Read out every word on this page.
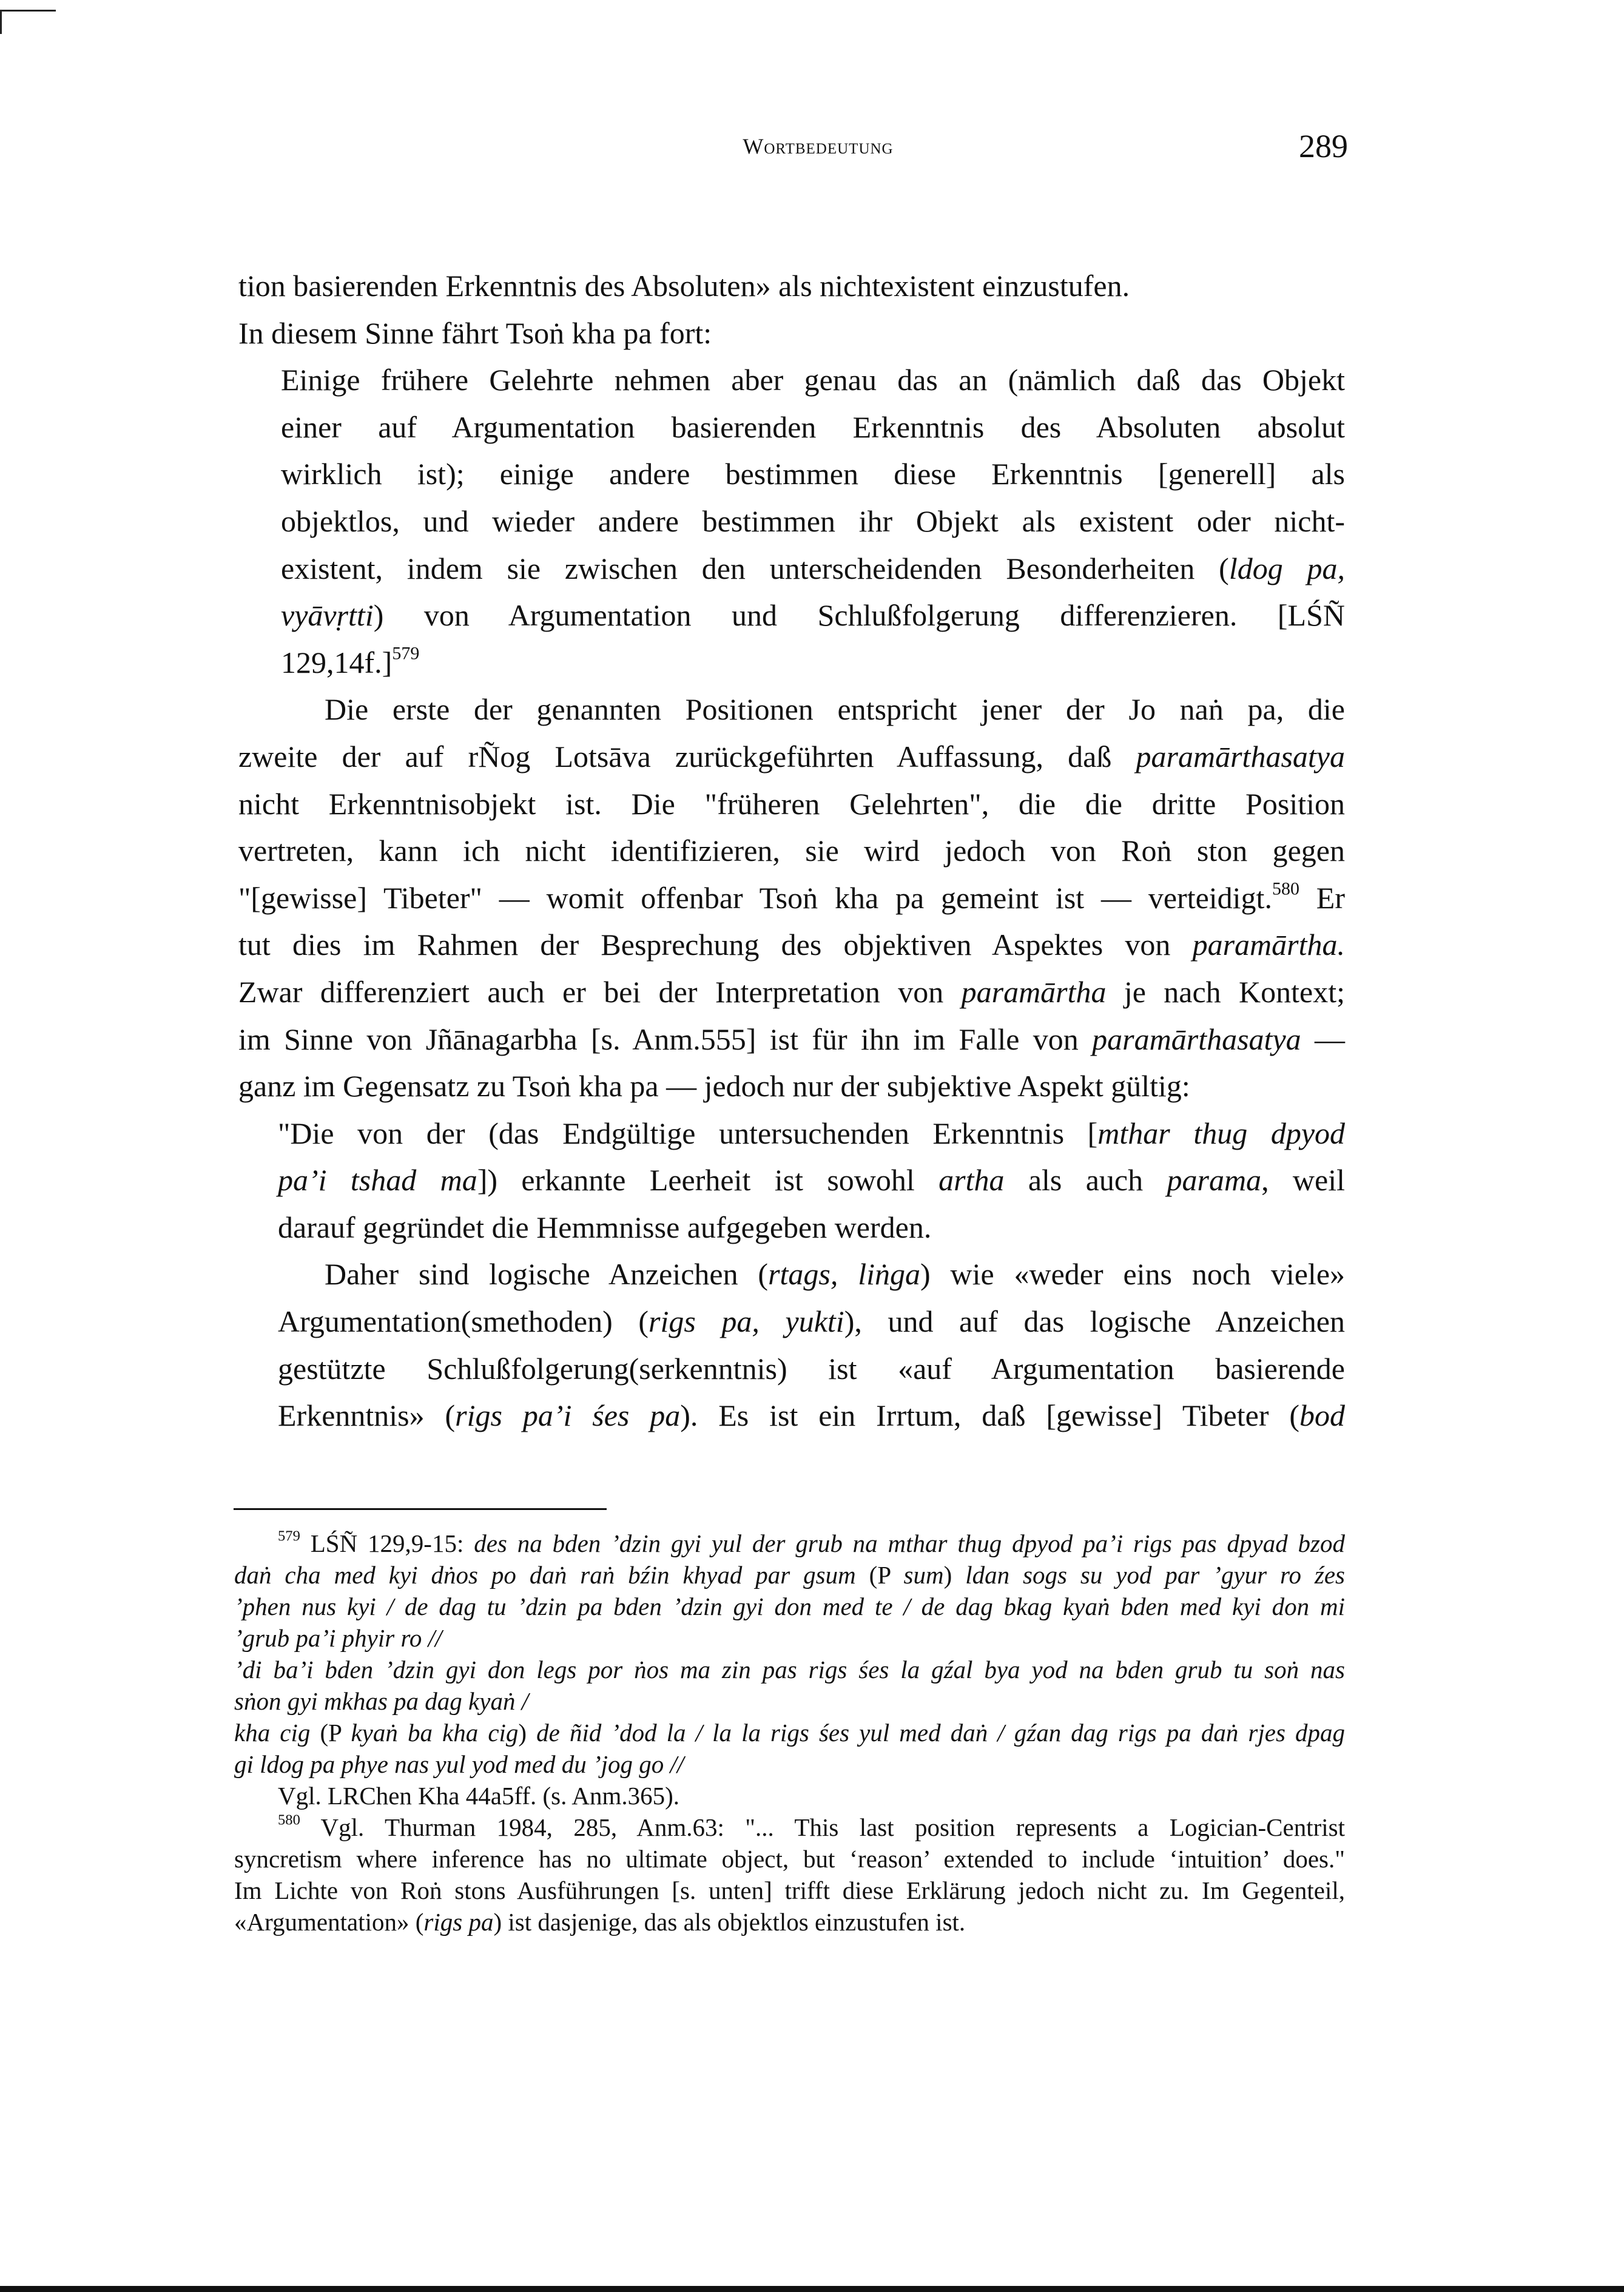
Wortbedeutung	289
tion basierenden Erkenntnis des Absoluten» als nichtexistent einzustufen.
In diesem Sinne fährt Tsoṅ kha pa fort:
Einige frühere Gelehrte nehmen aber genau das an (nämlich daß das Objekt
einer auf Argumentation basierenden Erkenntnis des Absoluten absolut
wirklich ist); einige andere bestimmen diese Erkenntnis [generell] als
objektlos, und wieder andere bestimmen ihr Objekt als existent oder nicht-
existent, indem sie zwischen den unterscheidenden Besonderheiten (ldog pa,
vyāvṛtti) von Argumentation und Schlußfolgerung differenzieren. [LŚÑ
129,14f.]$^{579}$
Die erste der genannten Positionen entspricht jener der Jo naṅ pa, die
zweite der auf rÑog Lotsāva zurückgeführten Auffassung, daß paramārthasatya
nicht Erkenntnisobjekt ist. Die "früheren Gelehrten", die die dritte Position
vertreten, kann ich nicht identifizieren, sie wird jedoch von Roṅ ston gegen
"[gewisse] Tibeter" — womit offenbar Tsoṅ kha pa gemeint ist — verteidigt.$^{580}$ Er
tut dies im Rahmen der Besprechung des objektiven Aspektes von paramārtha.
Zwar differenziert auch er bei der Interpretation von paramārtha je nach Kontext;
im Sinne von Jñānagarbha [s. Anm.555] ist für ihn im Falle von paramārthasatya —
ganz im Gegensatz zu Tsoṅ kha pa — jedoch nur der subjektive Aspekt gültig:
"Die von der (das Endgültige untersuchenden Erkenntnis [mthar thug dpyod
pa’i tshad ma]) erkannte Leerheit ist sowohl artha als auch parama, weil
darauf gegründet die Hemmnisse aufgegeben werden.
Daher sind logische Anzeichen (rtags, liṅga) wie «weder eins noch viele»
Argumentation(smethoden) (rigs pa, yukti), und auf das logische Anzeichen
gestützte Schlußfolgerung(serkenntnis) ist «auf Argumentation basierende
Erkenntnis» (rigs pa’i śes pa). Es ist ein Irrtum, daß [gewisse] Tibeter (bod
$^{579}$ LŚÑ 129,9-15: des na bden ’dzin gyi yul der grub na mthar thug dpyod pa’i rigs pas dpyad bzod
daṅ cha med kyi dṅos po daṅ raṅ bźin khyad par gsum (P sum) ldan sogs su yod par ’gyur ro źes
’phen nus kyi / de dag tu ’dzin pa bden ’dzin gyi don med te / de dag bkag kyaṅ bden med kyi don mi
’grub pa’i phyir ro //
’di ba’i bden ’dzin gyi don legs por ṅos ma zin pas rigs śes la gźal bya yod na bden grub tu soṅ nas
sṅon gyi mkhas pa dag kyaṅ /
kha cig (P kyaṅ ba kha cig) de ñid ’dod la / la la rigs śes yul med daṅ / gźan dag rigs pa daṅ rjes dpag
gi ldog pa phye nas yul yod med du ’jog go //
Vgl. LRChen Kha 44a5ff. (s. Anm.365).
$^{580}$ Vgl. Thurman 1984, 285, Anm.63: "... This last position represents a Logician-Centrist
syncretism where inference has no ultimate object, but ‘reason’ extended to include ‘intuition’ does."
Im Lichte von Roṅ stons Ausführungen [s. unten] trifft diese Erklärung jedoch nicht zu. Im Gegenteil,
«Argumentation» (rigs pa) ist dasjenige, das als objektlos einzustufen ist.
